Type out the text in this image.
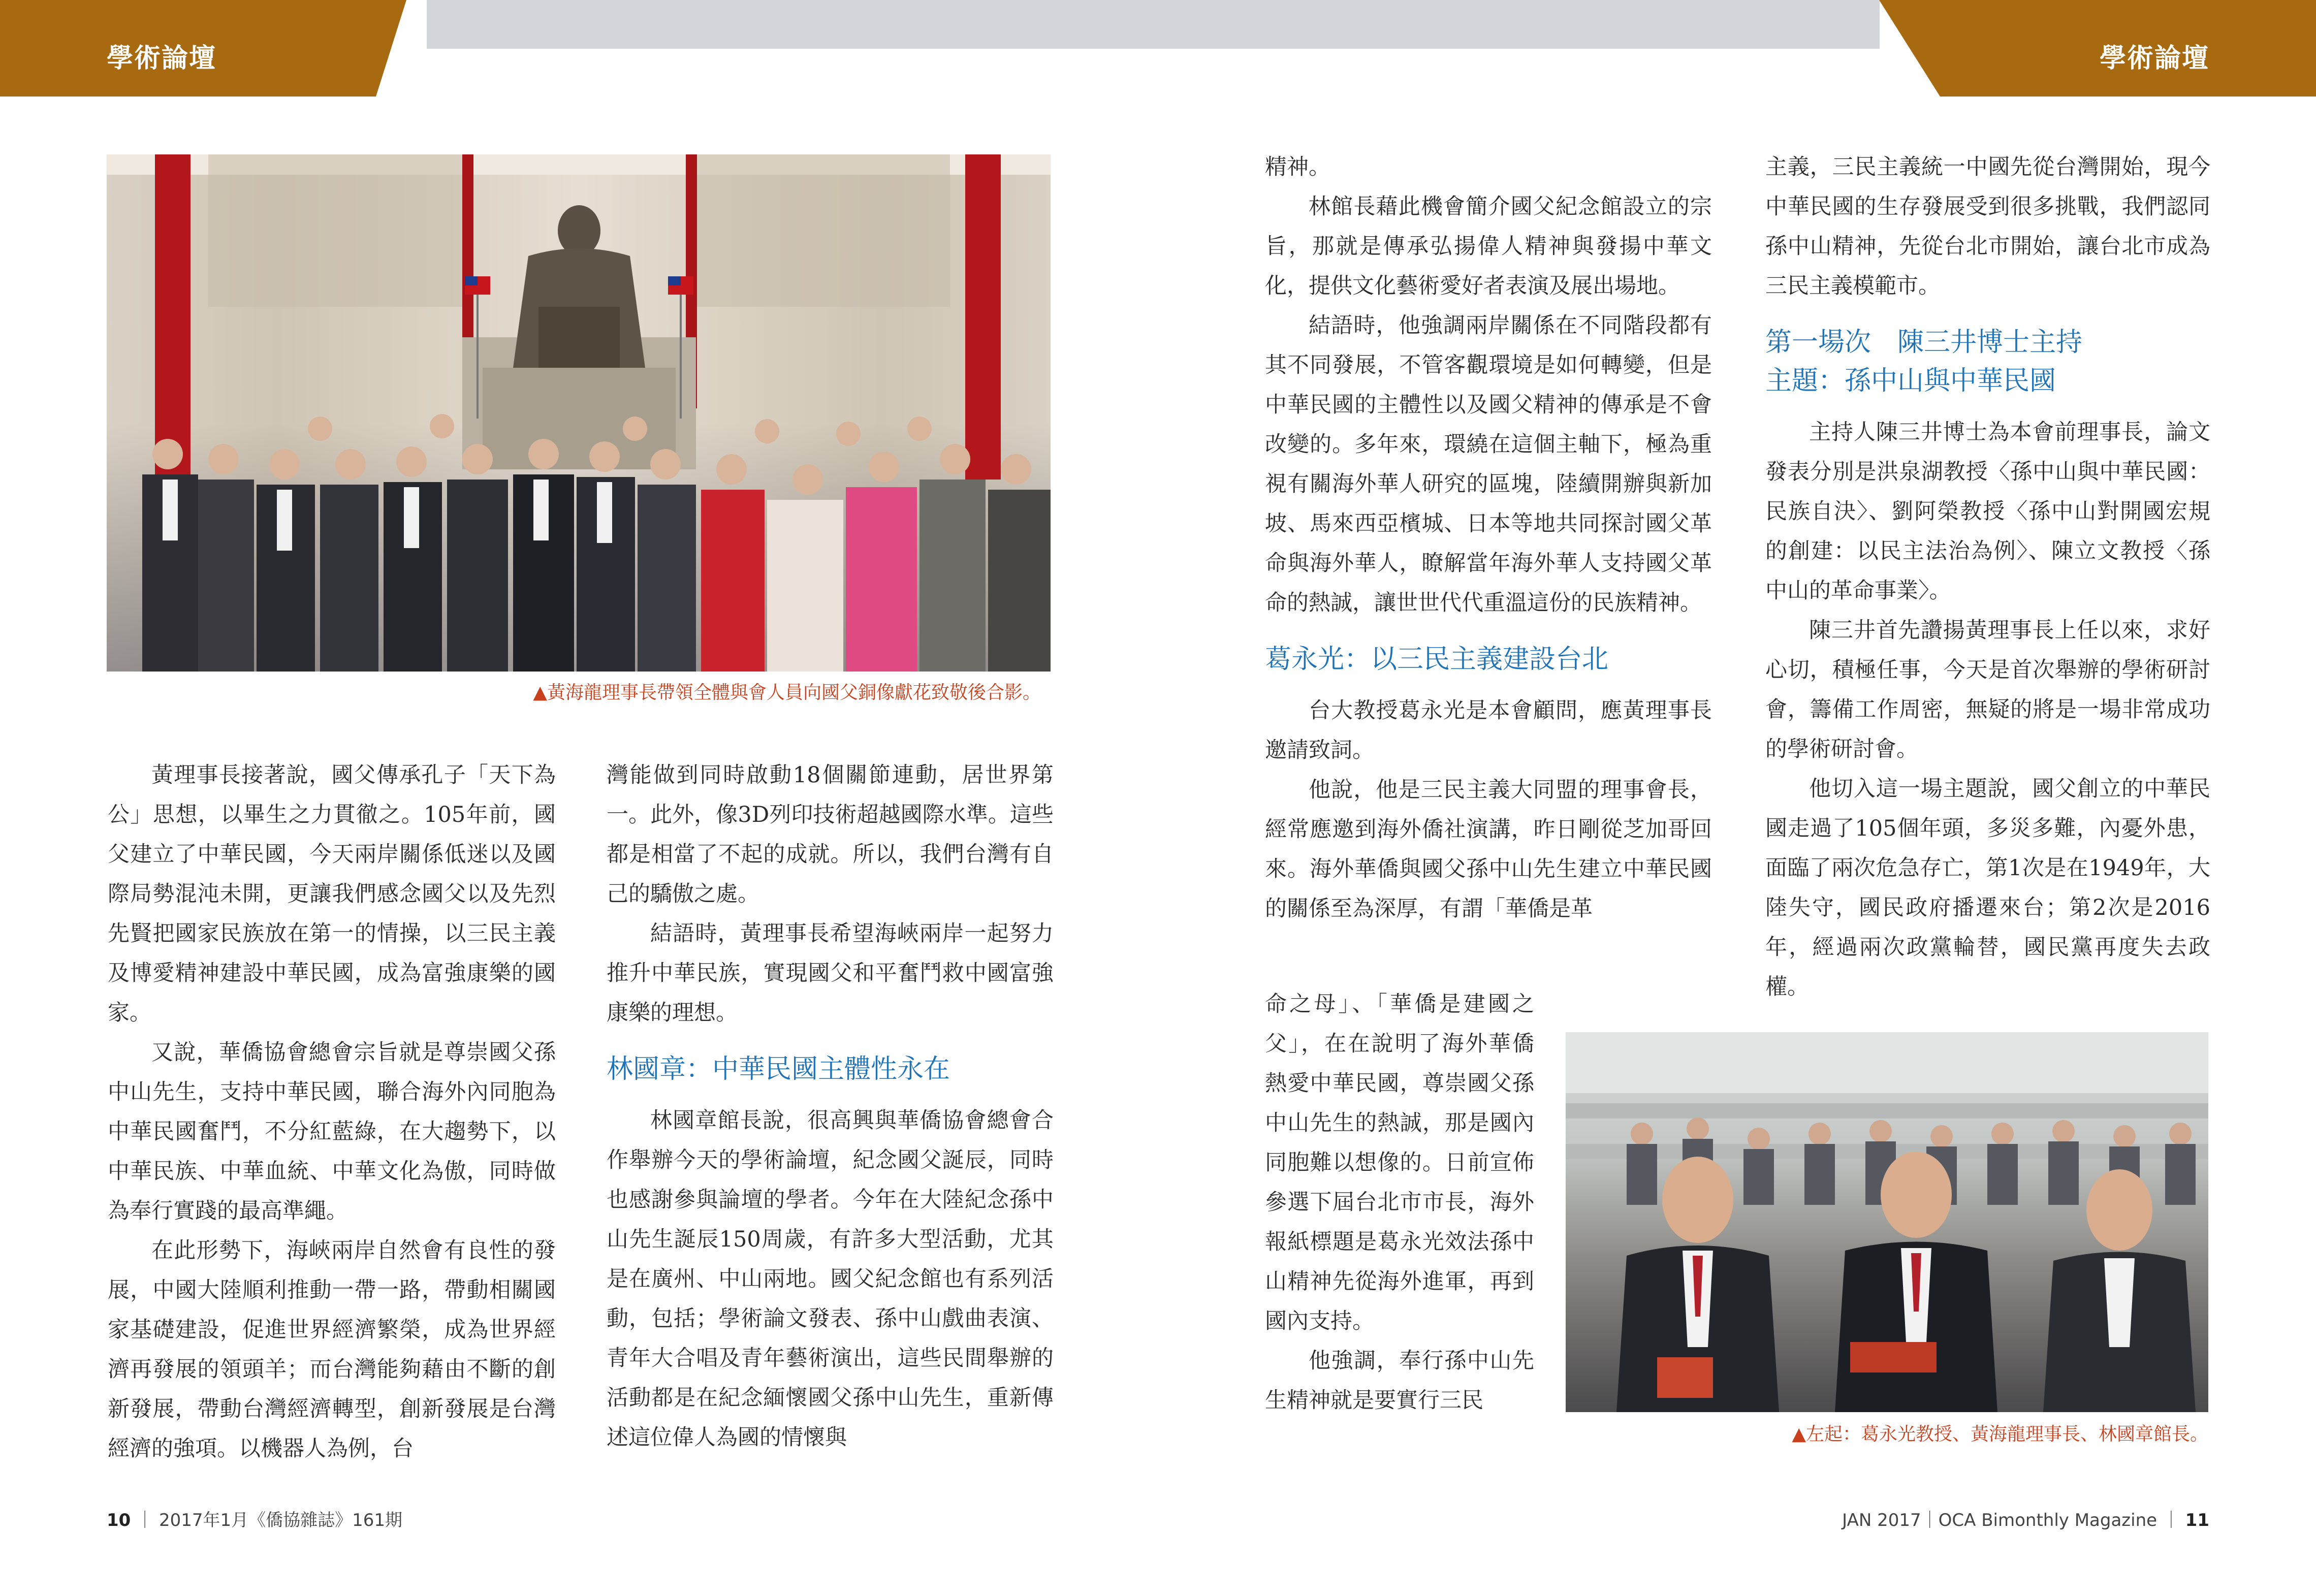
學術論壇	學術論壇
▲黃海龍理事長帶領全體與會人員向國父銅像獻花致敬後合影。
▲左起：葛永光教授、黃海龍理事長、林國章館長。

黃理事長接著說，國父傳承孔子「天下為公」思想，以畢生之力貫徹之。105年前，國父建立了中華民國，今天兩岸關係低迷以及國際局勢混沌未開，更讓我們感念國父以及先烈先賢把國家民族放在第一的情操，以三民主義及博愛精神建設中華民國，成為富強康樂的國家。

又說，華僑協會總會宗旨就是尊崇國父孫中山先生，支持中華民國，聯合海外內同胞為中華民國奮鬥，不分紅藍綠，在大趨勢下，以中華民族、中華血統、中華文化為傲，同時做為奉行實踐的最高準繩。

在此形勢下，海峽兩岸自然會有良性的發展，中國大陸順利推動一帶一路，帶動相關國家基礎建設，促進世界經濟繁榮，成為世界經濟再發展的領頭羊；而台灣能夠藉由不斷的創新發展，帶動台灣經濟轉型，創新發展是台灣經濟的強項。以機器人為例，台

灣能做到同時啟動18個關節連動，居世界第一。此外，像3D列印技術超越國際水準。這些都是相當了不起的成就。所以，我們台灣有自己的驕傲之處。

結語時，黃理事長希望海峽兩岸一起努力推升中華民族，實現國父和平奮鬥救中國富強康樂的理想。

林國章：中華民國主體性永在

林國章館長說，很高興與華僑協會總會合作舉辦今天的學術論壇，紀念國父誕辰，同時也感謝參與論壇的學者。今年在大陸紀念孫中山先生誕辰150周歲，有許多大型活動，尤其是在廣州、中山兩地。國父紀念館也有系列活動，包括；學術論文發表、孫中山戲曲表演、青年大合唱及青年藝術演出，這些民間舉辦的活動都是在紀念緬懷國父孫中山先生，重新傳述這位偉人為國的情懷與

精神。

林館長藉此機會簡介國父紀念館設立的宗旨，那就是傳承弘揚偉人精神與發揚中華文化，提供文化藝術愛好者表演及展出場地。

結語時，他強調兩岸關係在不同階段都有其不同發展，不管客觀環境是如何轉變，但是中華民國的主體性以及國父精神的傳承是不會改變的。多年來，環繞在這個主軸下，極為重視有關海外華人研究的區塊，陸續開辦與新加坡、馬來西亞檳城、日本等地共同探討國父革命與海外華人，瞭解當年海外華人支持國父革命的熱誠，讓世世代代重溫這份的民族精神。

葛永光：以三民主義建設台北

台大教授葛永光是本會顧問，應黃理事長邀請致詞。

他說，他是三民主義大同盟的理事會長，經常應邀到海外僑社演講，昨日剛從芝加哥回來。海外華僑與國父孫中山先生建立中華民國的關係至為深厚，有謂「華僑是革

命之母」、「華僑是建國之父」，在在說明了海外華僑熱愛中華民國，尊崇國父孫中山先生的熱誠，那是國內同胞難以想像的。日前宣佈參選下屆台北市市長，海外報紙標題是葛永光效法孫中山精神先從海外進軍，再到國內支持。

他強調，奉行孫中山先生精神就是要實行三民

主義，三民主義統一中國先從台灣開始，現今中華民國的生存發展受到很多挑戰，我們認同孫中山精神，先從台北市開始，讓台北市成為三民主義模範市。

第一場次　陳三井博士主持
主題：孫中山與中華民國

主持人陳三井博士為本會前理事長，論文發表分別是洪泉湖教授〈孫中山與中華民國：民族自決〉、劉阿榮教授〈孫中山對開國宏規的創建：以民主法治為例〉、陳立文教授〈孫中山的革命事業〉。

陳三井首先讚揚黃理事長上任以來，求好心切，積極任事，今天是首次舉辦的學術研討會，籌備工作周密，無疑的將是一場非常成功的學術研討會。

他切入這一場主題說，國父創立的中華民國走過了105個年頭，多災多難，內憂外患，面臨了兩次危急存亡，第1次是在1949年，大陸失守，國民政府播遷來台；第2次是2016年，經過兩次政黨輪替，國民黨再度失去政權。

10 ｜ 2017年1月《僑協雜誌》161期	JAN 2017｜OCA Bimonthly Magazine ｜ 11
